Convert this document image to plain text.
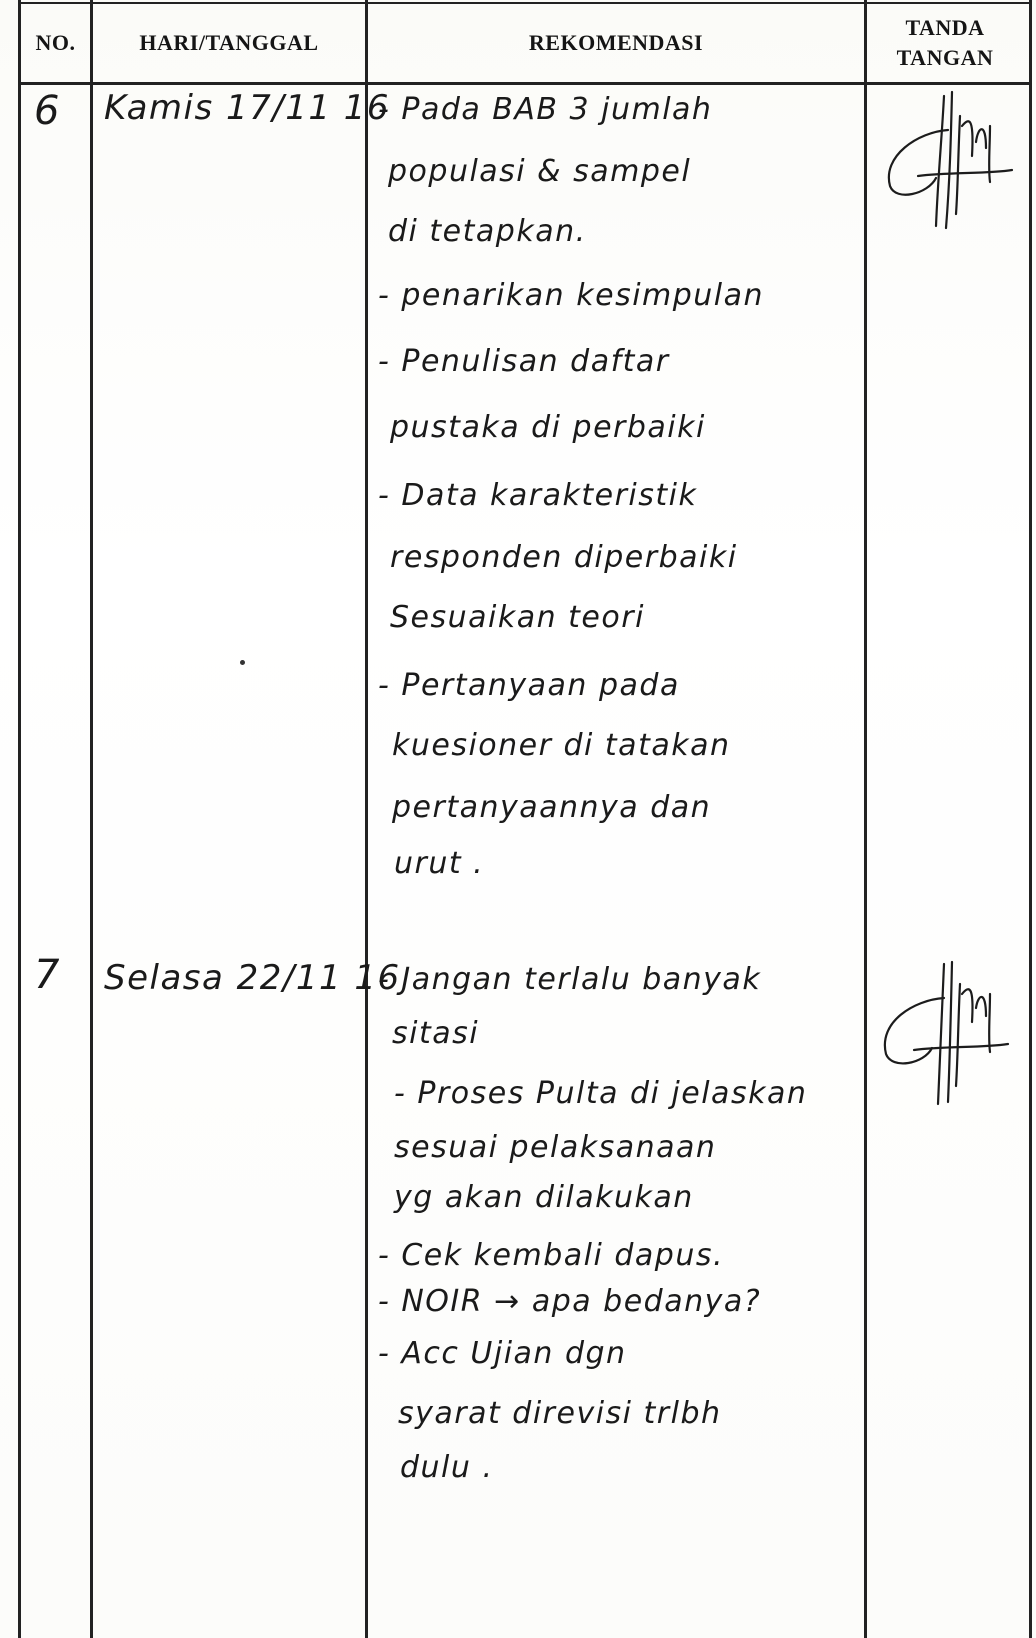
NO.	HARI/TANGGAL	REKOMENDASI
TANDA
TANGAN
6 Kamis 17/11 16
- Pada BAB 3 jumlah
populasi & sampel
di tetapkan.
- penarikan kesimpulan
- Penulisan daftar
pustaka di perbaiki
- Data karakteristik
responden diperbaiki
Sesuaikan teori
- Pertanyaan pada
kuesioner di tatakan
pertanyaannya dan
urut .
7 Selasa 22/11 16
- Jangan terlalu banyak
sitasi
- Proses Pulta di jelaskan
sesuai pelaksanaan
yg akan dilakukan
- Cek kembali dapus.
- NOIR → apa bedanya?
- Acc Ujian dgn
syarat direvisi trlbh
dulu .
